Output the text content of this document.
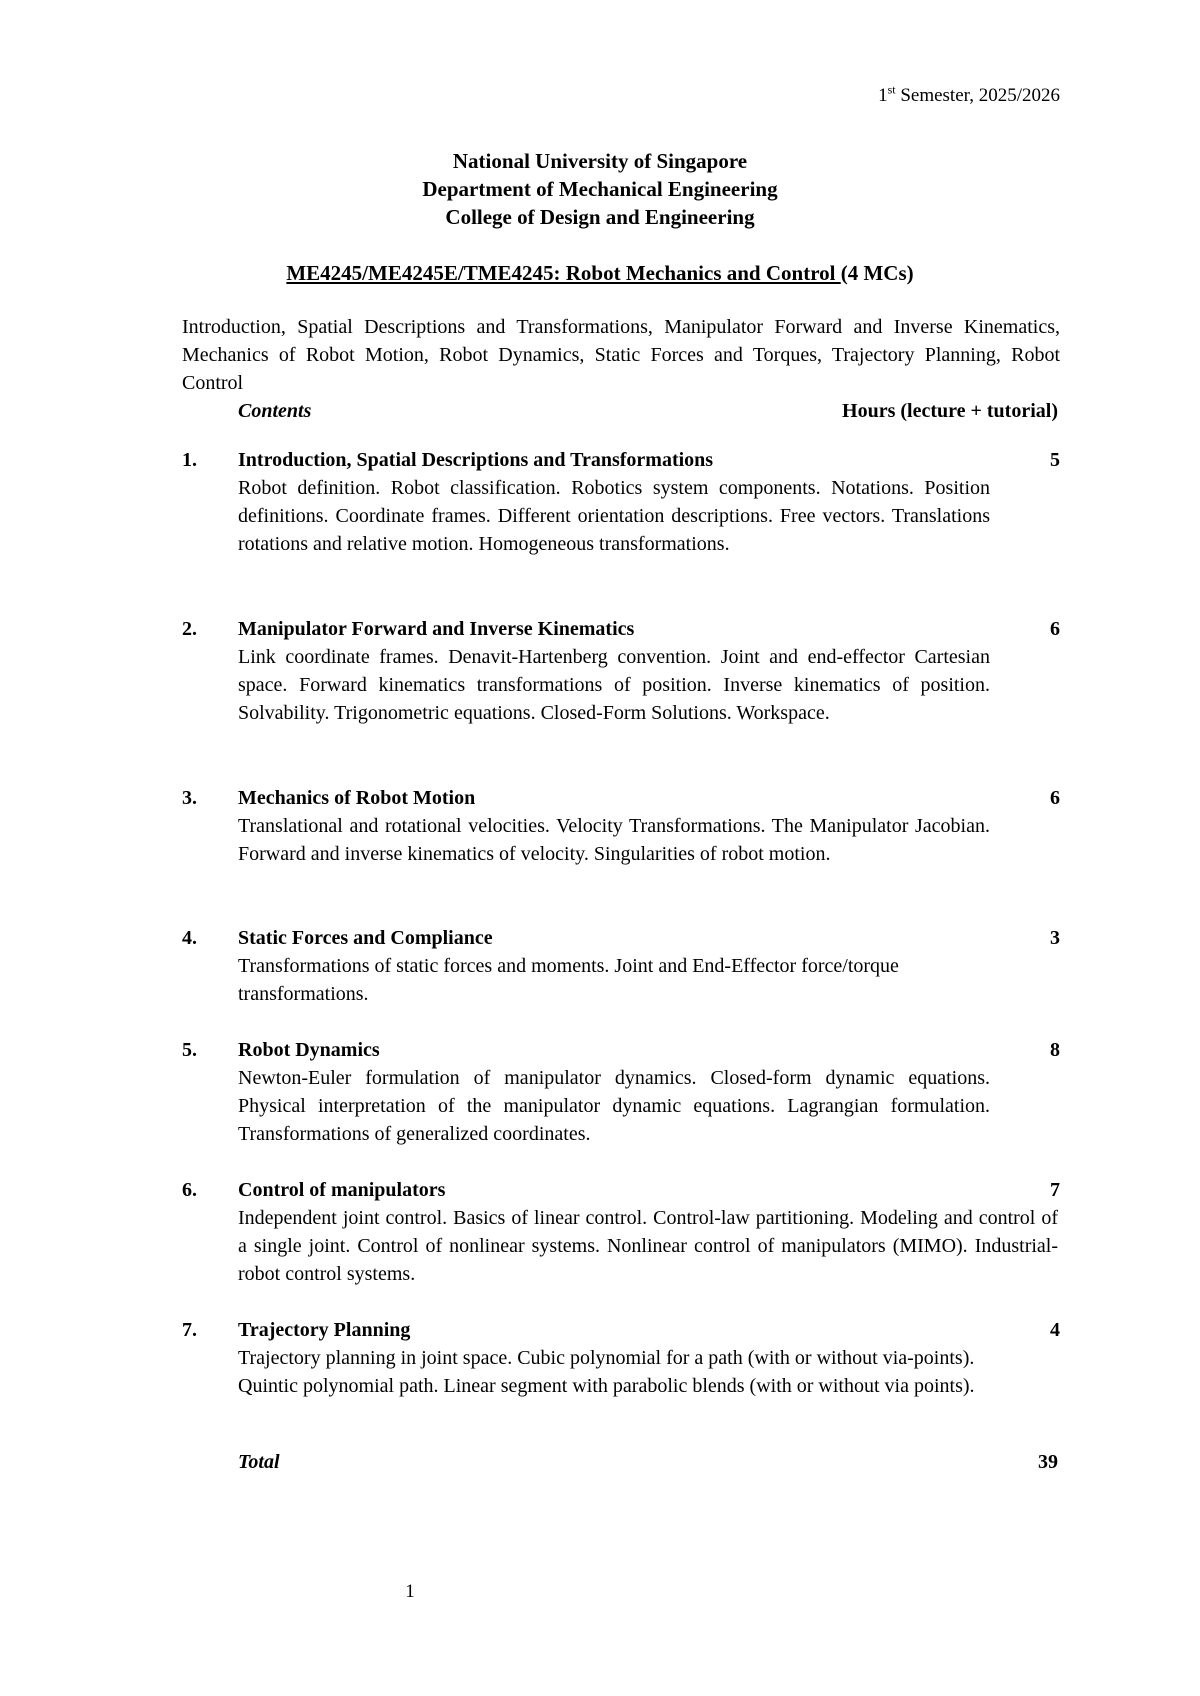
1st Semester, 2025/2026
National University of Singapore
Department of Mechanical Engineering
College of Design and Engineering
ME4245/ME4245E/TME4245: Robot Mechanics and Control (4 MCs)
Introduction, Spatial Descriptions and Transformations, Manipulator Forward and Inverse Kinematics, Mechanics of Robot Motion, Robot Dynamics, Static Forces and Torques, Trajectory Planning, Robot Control
Contents	Hours (lecture + tutorial)
1. Introduction, Spatial Descriptions and Transformations	5
Robot definition. Robot classification. Robotics system components. Notations. Position definitions. Coordinate frames. Different orientation descriptions. Free vectors. Translations rotations and relative motion. Homogeneous transformations.
2. Manipulator Forward and Inverse Kinematics	6
Link coordinate frames. Denavit-Hartenberg convention. Joint and end-effector Cartesian space. Forward kinematics transformations of position. Inverse kinematics of position. Solvability. Trigonometric equations. Closed-Form Solutions. Workspace.
3. Mechanics of Robot Motion	6
Translational and rotational velocities. Velocity Transformations. The Manipulator Jacobian. Forward and inverse kinematics of velocity. Singularities of robot motion.
4. Static Forces and Compliance	3
Transformations of static forces and moments. Joint and End-Effector force/torque transformations.
5. Robot Dynamics	8
Newton-Euler formulation of manipulator dynamics. Closed-form dynamic equations. Physical interpretation of the manipulator dynamic equations. Lagrangian formulation. Transformations of generalized coordinates.
6. Control of manipulators	7
Independent joint control. Basics of linear control. Control-law partitioning. Modeling and control of a single joint. Control of nonlinear systems. Nonlinear control of manipulators (MIMO). Industrial-robot control systems.
7. Trajectory Planning	4
Trajectory planning in joint space. Cubic polynomial for a path (with or without via-points). Quintic polynomial path. Linear segment with parabolic blends (with or without via points).
Total	39
1
